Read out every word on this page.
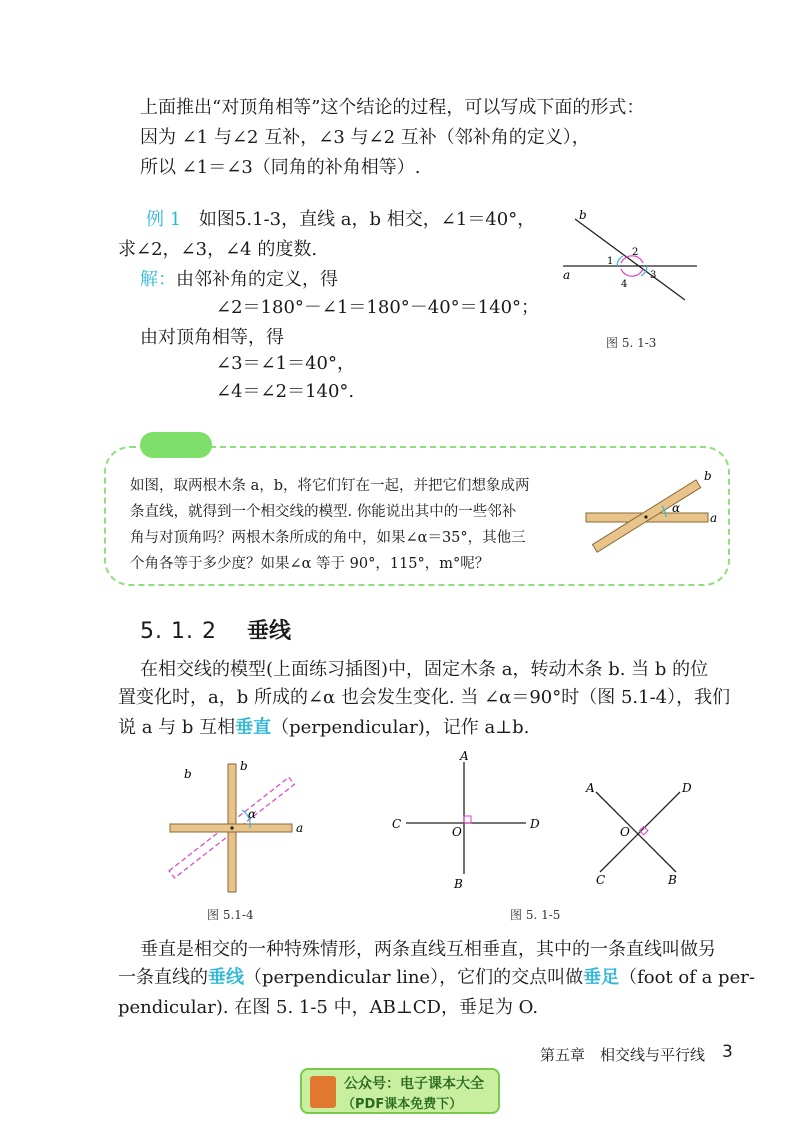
上面推出“对顶角相等”这个结论的过程，可以写成下面的形式：
因为 ∠1 与∠2 互补，∠3 与∠2 互补（邻补角的定义），
所以 ∠1＝∠3（同角的补角相等）.
例 1 如图5.1-3，直线 a，b 相交，∠1＝40°，
求∠2，∠3，∠4 的度数.
解：由邻补角的定义，得
∠2＝180°－∠1＝180°－40°＝140°；
由对顶角相等，得
∠3＝∠1＝40°，
∠4＝∠2＝140°.
b
a
1
2
3
4
图 5. 1-3
如图，取两根木条 a，b，将它们钉在一起，并把它们想象成两
条直线，就得到一个相交线的模型. 你能说出其中的一些邻补
角与对顶角吗？两根木条所成的角中，如果∠α＝35°，其他三
个角各等于多少度？如果∠α 等于 90°，115°，m°呢？
b
a
α
5. 1. 2 垂线
在相交线的模型(上面练习插图)中，固定木条 a，转动木条 b. 当 b 的位
置变化时，a，b 所成的∠α 也会发生变化. 当 ∠α＝90°时（图 5.1-4），我们
说 a 与 b 互相垂直（perpendicular)，记作 a⊥b.
b
b
a
α
图 5.1-4
A
B
C	D
O
A
B
C
D
O
图 5. 1-5
垂直是相交的一种特殊情形，两条直线互相垂直，其中的一条直线叫做另
一条直线的垂线（perpendicular line），它们的交点叫做垂足（foot of a per-
pendicular). 在图 5. 1-5 中，AB⊥CD，垂足为 O.
第五章　相交线与平行线 3
公众号：电子课本大全
（PDF课本免费下）
